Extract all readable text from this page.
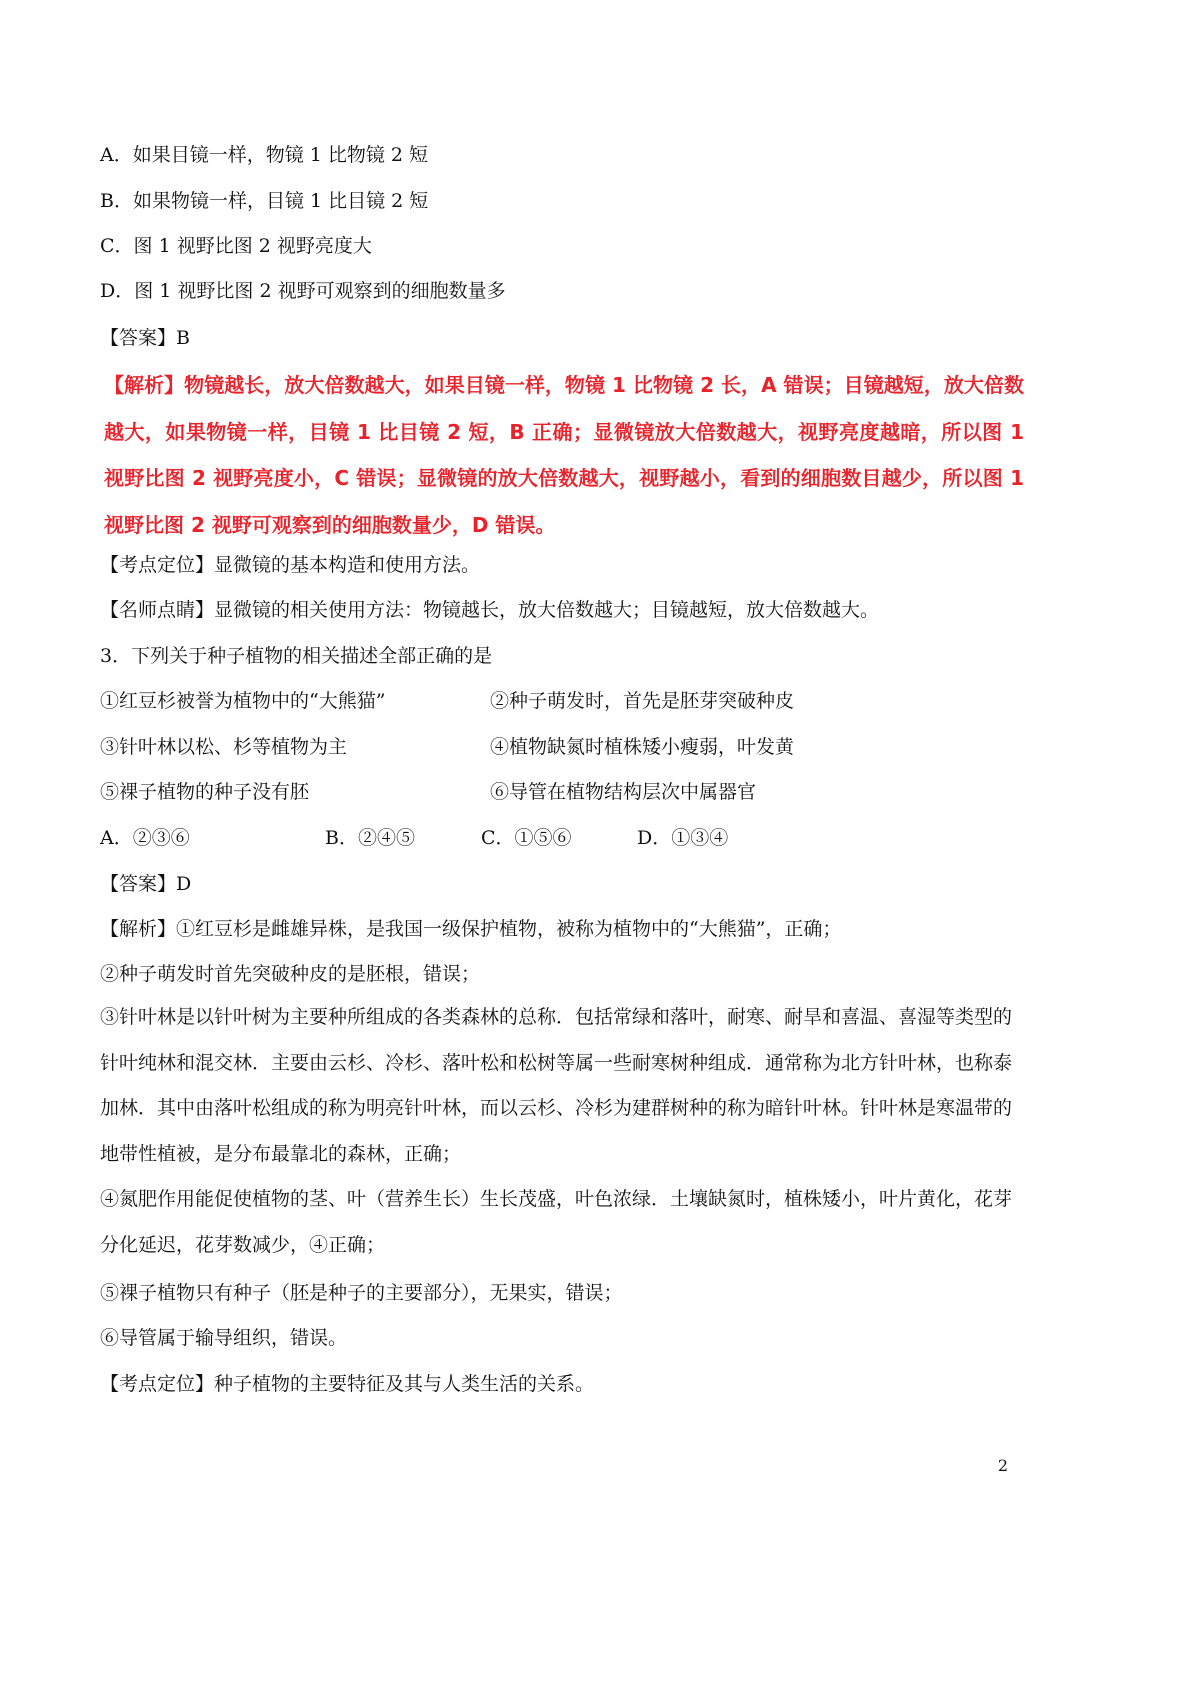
A．如果目镜一样，物镜 1 比物镜 2 短
B．如果物镜一样，目镜 1 比目镜 2 短
C．图 1 视野比图 2 视野亮度大
D．图 1 视野比图 2 视野可观察到的细胞数量多
【答案】B
【解析】物镜越长，放大倍数越大，如果目镜一样，物镜 1 比物镜 2 长，A 错误；目镜越短，放大倍数越大，如果物镜一样，目镜 1 比目镜 2 短，B 正确；显微镜放大倍数越大，视野亮度越暗，所以图 1 视野比图 2 视野亮度小，C 错误；显微镜的放大倍数越大，视野越小，看到的细胞数目越少，所以图 1 视野比图 2 视野可观察到的细胞数量少，D 错误。
【考点定位】显微镜的基本构造和使用方法。
【名师点睛】显微镜的相关使用方法：物镜越长，放大倍数越大；目镜越短，放大倍数越大。
3．下列关于种子植物的相关描述全部正确的是
①红豆杉被誉为植物中的“大熊猫”	②种子萌发时，首先是胚芽突破种皮
③针叶林以松、杉等植物为主	④植物缺氮时植株矮小瘦弱，叶发黄
⑤裸子植物的种子没有胚	⑥导管在植物结构层次中属器官
A．②③⑥	B．②④⑤	C．①⑤⑥	D．①③④
【答案】D
【解析】①红豆杉是雌雄异株，是我国一级保护植物，被称为植物中的“大熊猫”，正确；
②种子萌发时首先突破种皮的是胚根，错误；
③针叶林是以针叶树为主要种所组成的各类森林的总称．包括常绿和落叶，耐寒、耐旱和喜温、喜湿等类型的针叶纯林和混交林．主要由云杉、冷杉、落叶松和松树等属一些耐寒树种组成．通常称为北方针叶林，也称泰加林．其中由落叶松组成的称为明亮针叶林，而以云杉、冷杉为建群树种的称为暗针叶林。针叶林是寒温带的地带性植被，是分布最靠北的森林，正确；
④氮肥作用能促使植物的茎、叶（营养生长）生长茂盛，叶色浓绿．土壤缺氮时，植株矮小，叶片黄化，花芽分化延迟，花芽数减少，④正确；
⑤裸子植物只有种子（胚是种子的主要部分），无果实，错误；
⑥导管属于输导组织，错误。
【考点定位】种子植物的主要特征及其与人类生活的关系。
2
